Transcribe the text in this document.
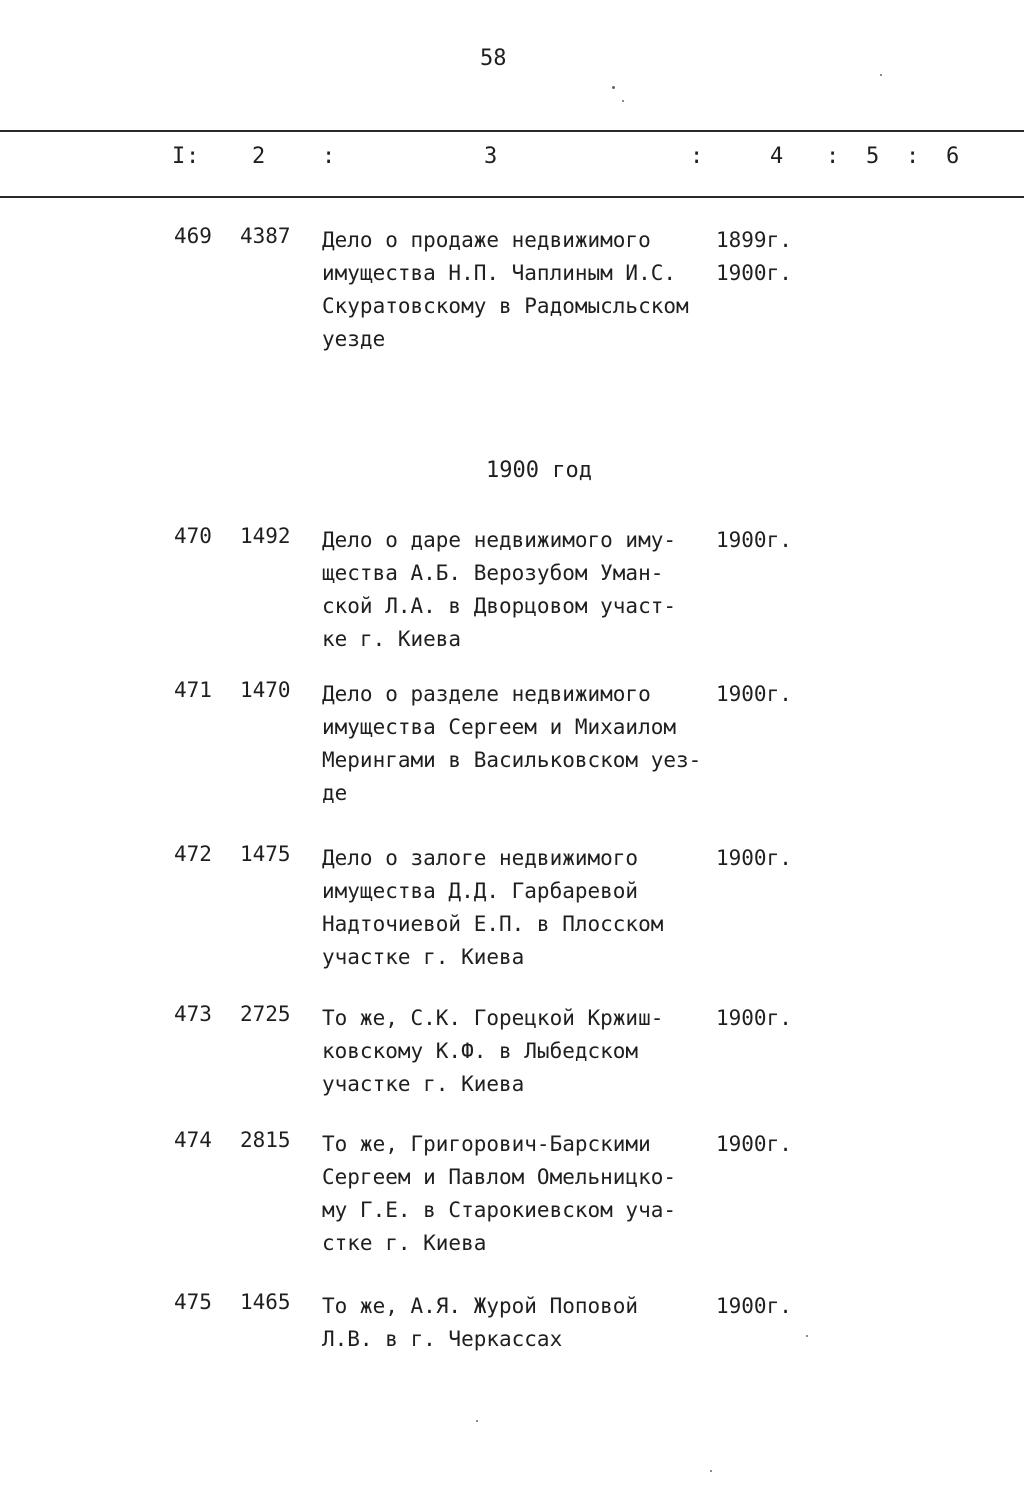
58
I : 2	:	3	:	4 : 5 : 6
469 4387 Дело о продаже недвижимого
имущества Н.П. Чаплиным И.С.
Скуратовскому в Радомысльском
уезде
1899г.
1900г.
1900 год
470 1492 Дело о даре недвижимого иму-
щества А.Б. Верозубом Уман-
ской Л.А. в Дворцовом участ-
ке г. Киева
1900г.
471 1470 Дело о разделе недвижимого
имущества Сергеем и Михаилом
Мерингами в Васильковском уез-
де
1900г.
472 1475 Дело о залоге недвижимого
имущества Д.Д. Гарбаревой
Надточиевой Е.П. в Плосском
участке г. Киева
1900г.
473 2725 То же, С.К. Горецкой Кржиш-
ковскому К.Ф. в Лыбедском
участке г. Киева
1900г.
474 2815 То же, Григорович-Барскими
Сергеем и Павлом Омельницко-
му Г.Е. в Старокиевском уча-
стке г. Киева
1900г.
475 1465 То же, А.Я. Журой Поповой
Л.В. в г. Черкассах
1900г.
